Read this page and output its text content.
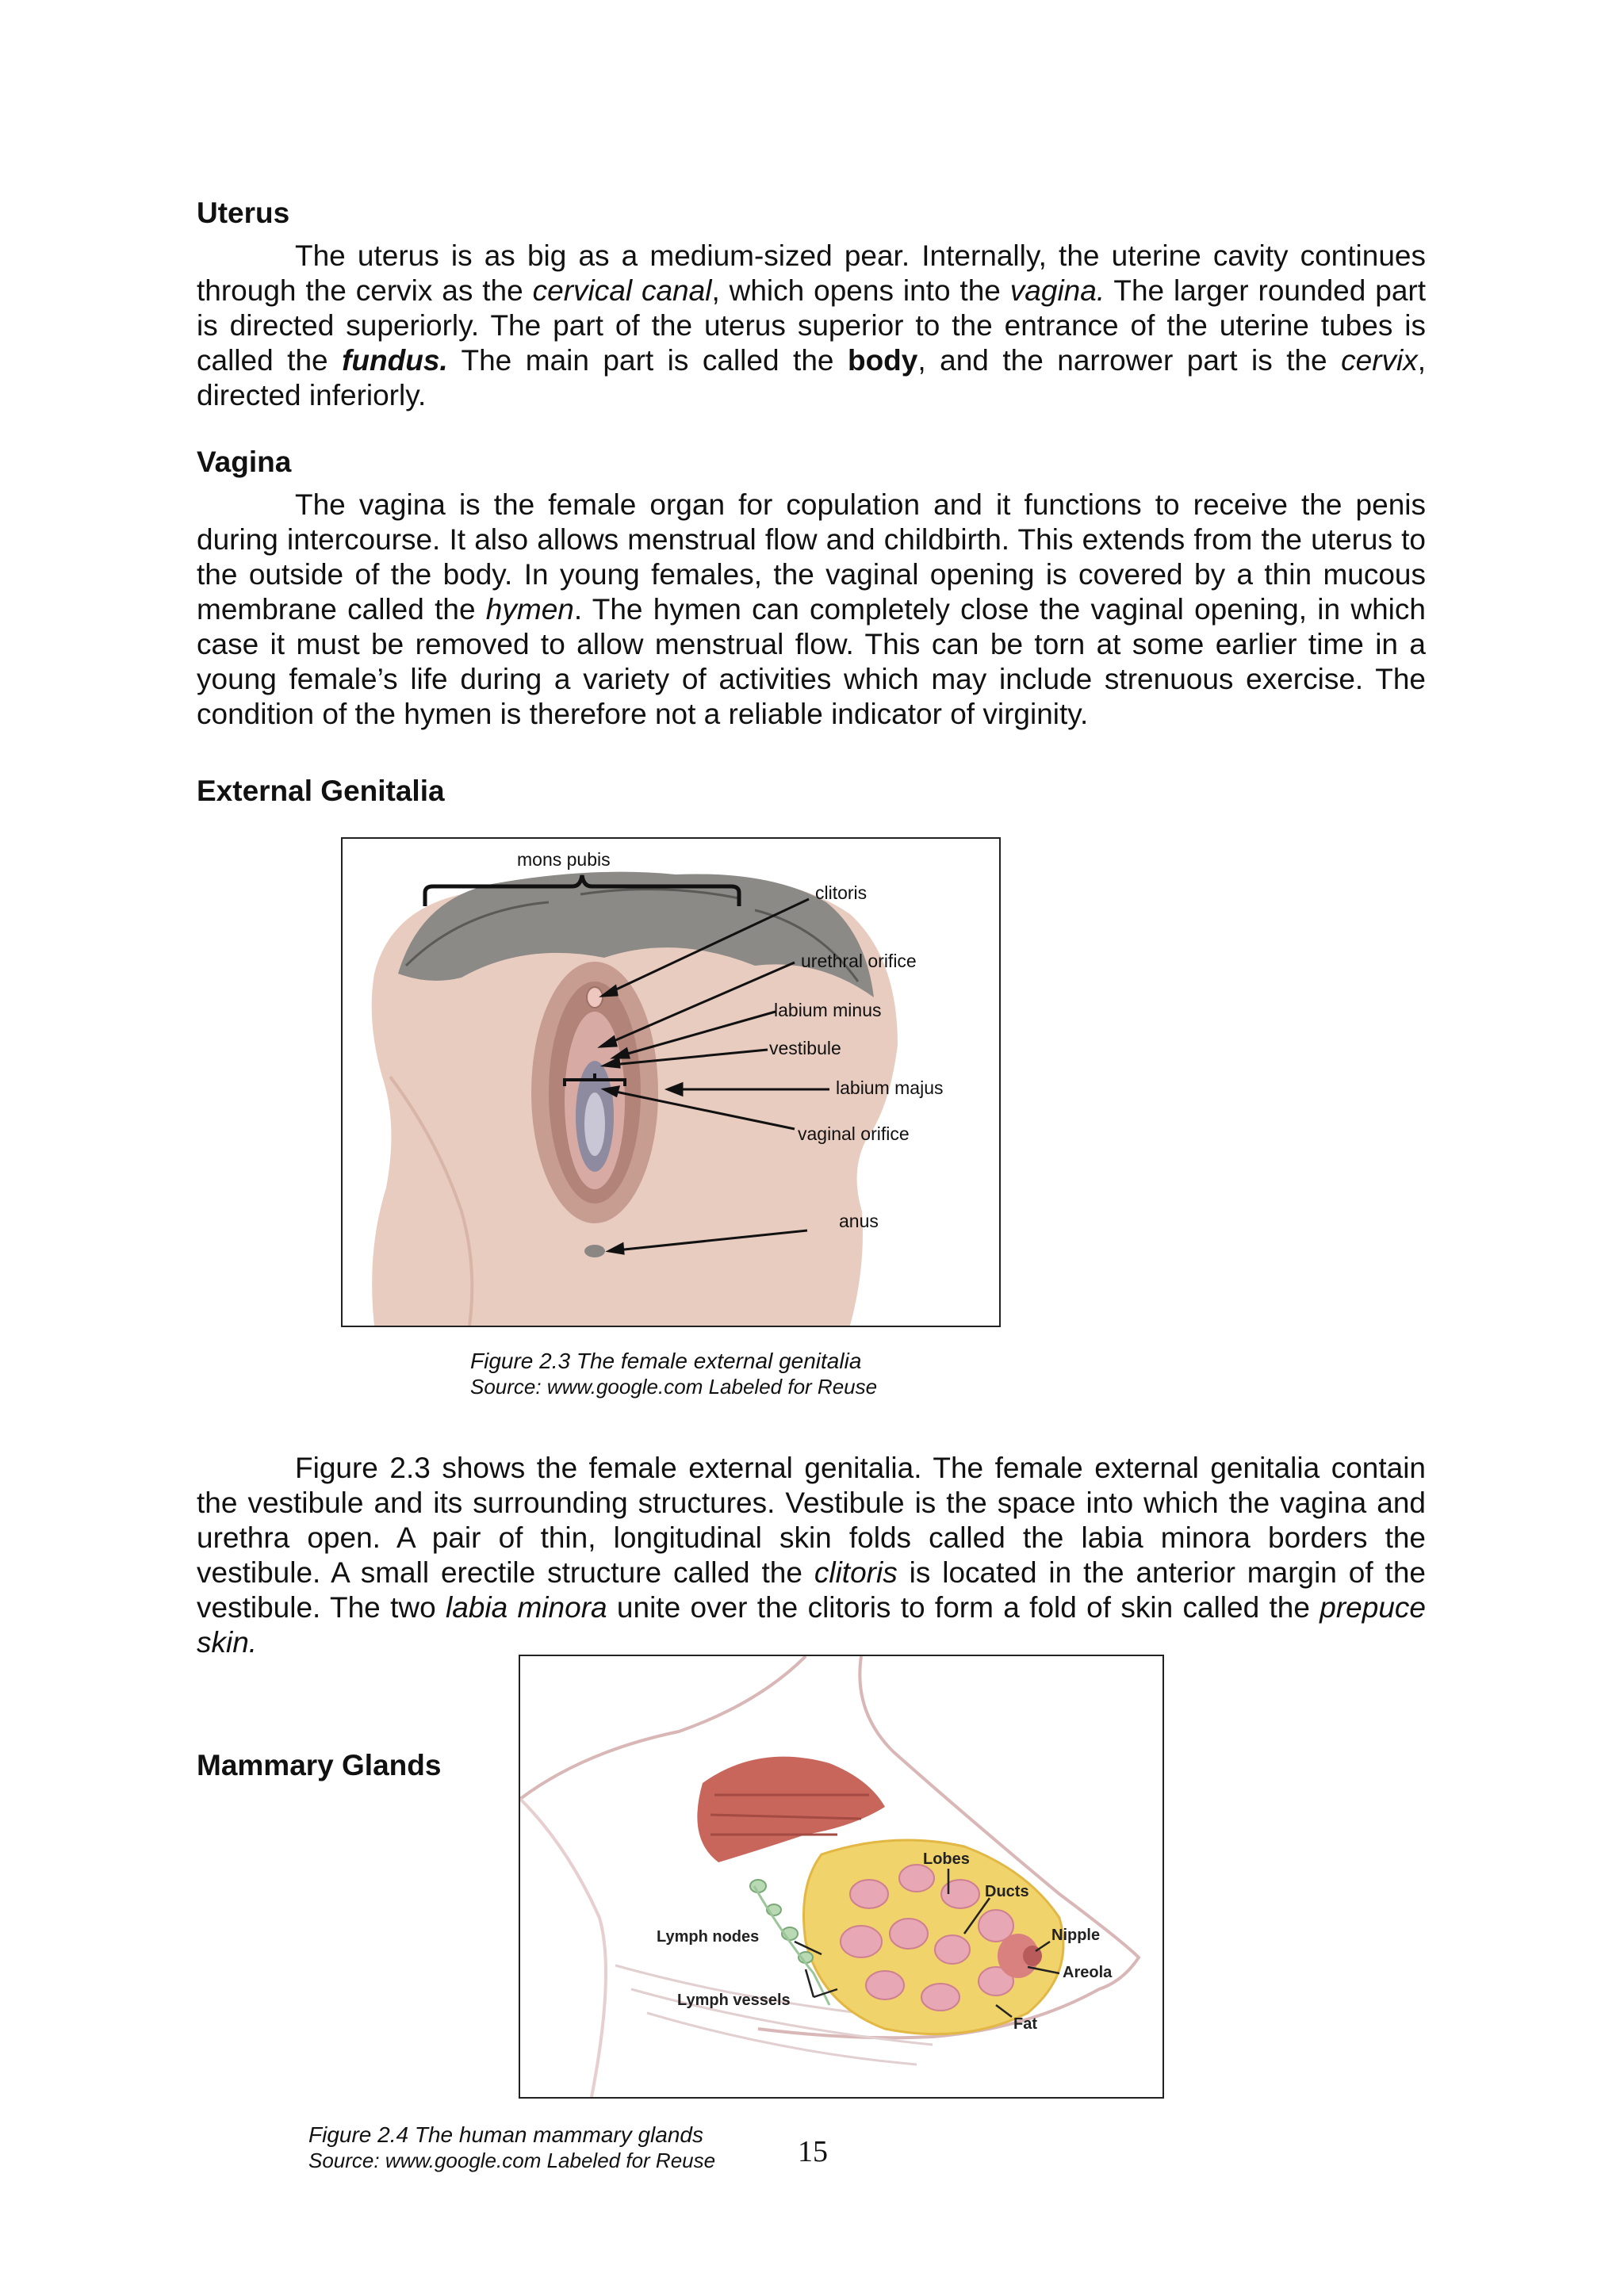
Uterus

The uterus is as big as a medium-sized pear. Internally, the uterine cavity continues through the cervix as the cervical canal, which opens into the vagina. The larger rounded part is directed superiorly. The part of the uterus superior to the entrance of the uterine tubes is called the fundus. The main part is called the body, and the narrower part is the cervix, directed inferiorly.

Vagina

The vagina is the female organ for copulation and it functions to receive the penis during intercourse. It also allows menstrual flow and childbirth. This extends from the uterus to the outside of the body. In young females, the vaginal opening is covered by a thin mucous membrane called the hymen. The hymen can completely close the vaginal opening, in which case it must be removed to allow menstrual flow. This can be torn at some earlier time in a young female’s life during a variety of activities which may include strenuous exercise. The condition of the hymen is therefore not a reliable indicator of virginity.

External Genitalia
mons pubis
clitoris
urethral orifice
labium minus
vestibule
labium majus
vaginal orifice
anus

Figure 2.3 The female external genitalia
Source: www.google.com Labeled for Reuse

Figure 2.3 shows the female external genitalia. The female external genitalia contain the vestibule and its surrounding structures. Vestibule is the space into which the vagina and urethra open. A pair of thin, longitudinal skin folds called the labia minora borders the vestibule. A small erectile structure called the clitoris is located in the anterior margin of the vestibule. The two labia minora unite over the clitoris to form a fold of skin called the prepuce skin.

Mammary Glands
Lobes
Ducts
Lymph nodes	Nipple
Areola
Lymph vessels
Fat

Figure 2.4 The human mammary glands
Source: www.google.com Labeled for Reuse	15
